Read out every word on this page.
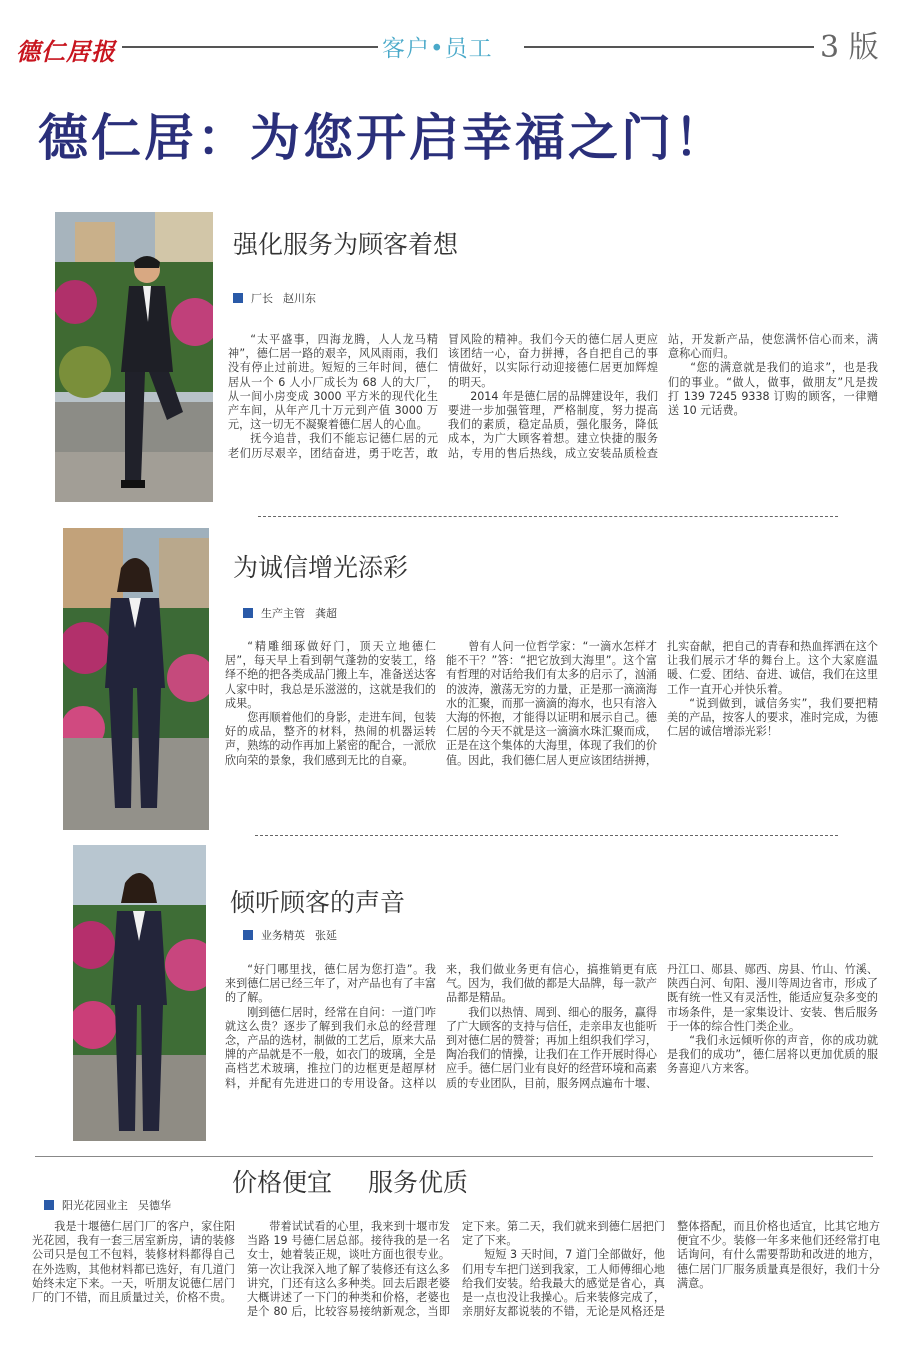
德仁居报	客户•员工	3 版
德仁居：为您开启幸福之门！
强化服务为顾客着想
厂长 赵川东

“太平盛事，四海龙腾，人人龙马精神”，德仁居一路的艰辛，风风雨雨，我们没有停止过前进。短短的三年时间，德仁居从一个 6 人小厂成长为 68 人的大厂，从一间小房变成 3000 平方米的现代化生产车间，从年产几十万元到产值 3000 万元，这一切无不凝聚着德仁居人的心血。

抚今追昔，我们不能忘记德仁居的元老们历尽艰辛，团结奋进，勇于吃苦，敢冒风险的精神。我们今天的德仁居人更应该团结一心，奋力拼搏，各自把自己的事情做好，以实际行动迎接德仁居更加辉煌的明天。

2014 年是德仁居的品牌建设年，我们要进一步加强管理，严格制度，努力提高我们的素质，稳定品质，强化服务，降低成本，为广大顾客着想。建立快捷的服务站，专用的售后热线，成立安装品质检查站，开发新产品，使您满怀信心而来，满意称心而归。

“您的满意就是我们的追求”，也是我们的事业。“做人，做事，做朋友”凡是拨打 139 7245 9338 订购的顾客，一律赠送 10 元话费。

为诚信增光添彩
生产主管 龚超

“精雕细琢做好门，顶天立地德仁居”，每天早上看到朝气蓬勃的安装工，络绎不绝的把各类成品门搬上车，准备送达客人家中时，我总是乐滋滋的，这就是我们的成果。

您再顺着他们的身影，走进车间，包装好的成品，整齐的材料，热闹的机器运转声，熟练的动作再加上紧密的配合，一派欣欣向荣的景象，我们感到无比的自豪。

曾有人问一位哲学家：“一滴水怎样才能不干？”答：“把它放到大海里”。这个富有哲理的对话给我们有太多的启示了，汹涌的波涛，激荡无穷的力量，正是那一滴滴海水的汇聚，而那一滴滴的海水，也只有溶入大海的怀抱，才能得以证明和展示自己。德仁居的今天不就是这一滴滴水珠汇聚而成，正是在这个集体的大海里，体现了我们的价值。因此，我们德仁居人更应该团结拼搏，扎实奋献，把自己的青春和热血挥洒在这个让我们展示才华的舞台上。这个大家庭温暖、仁爱、团结、奋进、诚信，我们在这里工作一直开心并快乐着。

“说到做到，诚信务实”，我们要把精美的产品，按客人的要求，准时完成，为德仁居的诚信增添光彩！

倾听顾客的声音
业务精英 张延

“好门哪里找，德仁居为您打造”。我来到德仁居已经三年了，对产品也有了丰富的了解。

刚到德仁居时，经常在自问：一道门咋就这么贵？逐步了解到我们永总的经营理念，产品的选材，制做的工艺后，原来大品牌的产品就是不一般，如衣门的玻璃，全是高档艺术玻璃，推拉门的边框更是超厚材料，并配有先进进口的专用设备。这样以来，我们做业务更有信心，搞推销更有底气。因为，我们做的都是大品牌，每一款产品都是精品。

我们以热情、周到、细心的服务，赢得了广大顾客的支持与信任，走亲串友也能听到对德仁居的赞誉；再加上组织我们学习，陶冶我们的情操，让我们在工作开展时得心应手。德仁居门业有良好的经营环境和高素质的专业团队，目前，服务网点遍布十堰、丹江口、郧县、郧西、房县、竹山、竹溪、陕西白河、旬阳、漫川等周边省市，形成了既有统一性又有灵活性，能适应复杂多变的市场条件，是一家集设计、安装、售后服务于一体的综合性门类企业。

“我们永远倾听你的声音，你的成功就是我们的成功”，德仁居将以更加优质的服务喜迎八方来客。

价格便宜 服务优质
阳光花园业主 吴德华

我是十堰德仁居门厂的客户，家住阳光花园，我有一套三居室新房，请的装修公司只是包工不包料，装修材料都得自己在外选购，其他材料都已选好，有几道门始终未定下来。一天，听朋友说德仁居门厂的门不错，而且质量过关，价格不贵。

带着试试看的心里，我来到十堰市发当路 19 号德仁居总部。接待我的是一名女士，她着装正规，谈吐方面也很专业。第一次让我深入地了解了装修还有这么多讲究，门还有这么多种类。回去后跟老婆大概讲述了一下门的种类和价格，老婆也是个 80 后，比较容易接纳新观念，当即定下来。第二天，我们就来到德仁居把门定了下来。

短短 3 天时间，7 道门全部做好，他们用专车把门送到我家，工人师傅细心地给我们安装。给我最大的感觉是省心，真是一点也没让我操心。后来装修完成了，亲朋好友都说装的不错，无论是风格还是整体搭配，而且价格也适宜，比其它地方便宜不少。装修一年多来他们还经常打电话询问，有什么需要帮助和改进的地方，德仁居门厂服务质量真是很好，我们十分满意。
